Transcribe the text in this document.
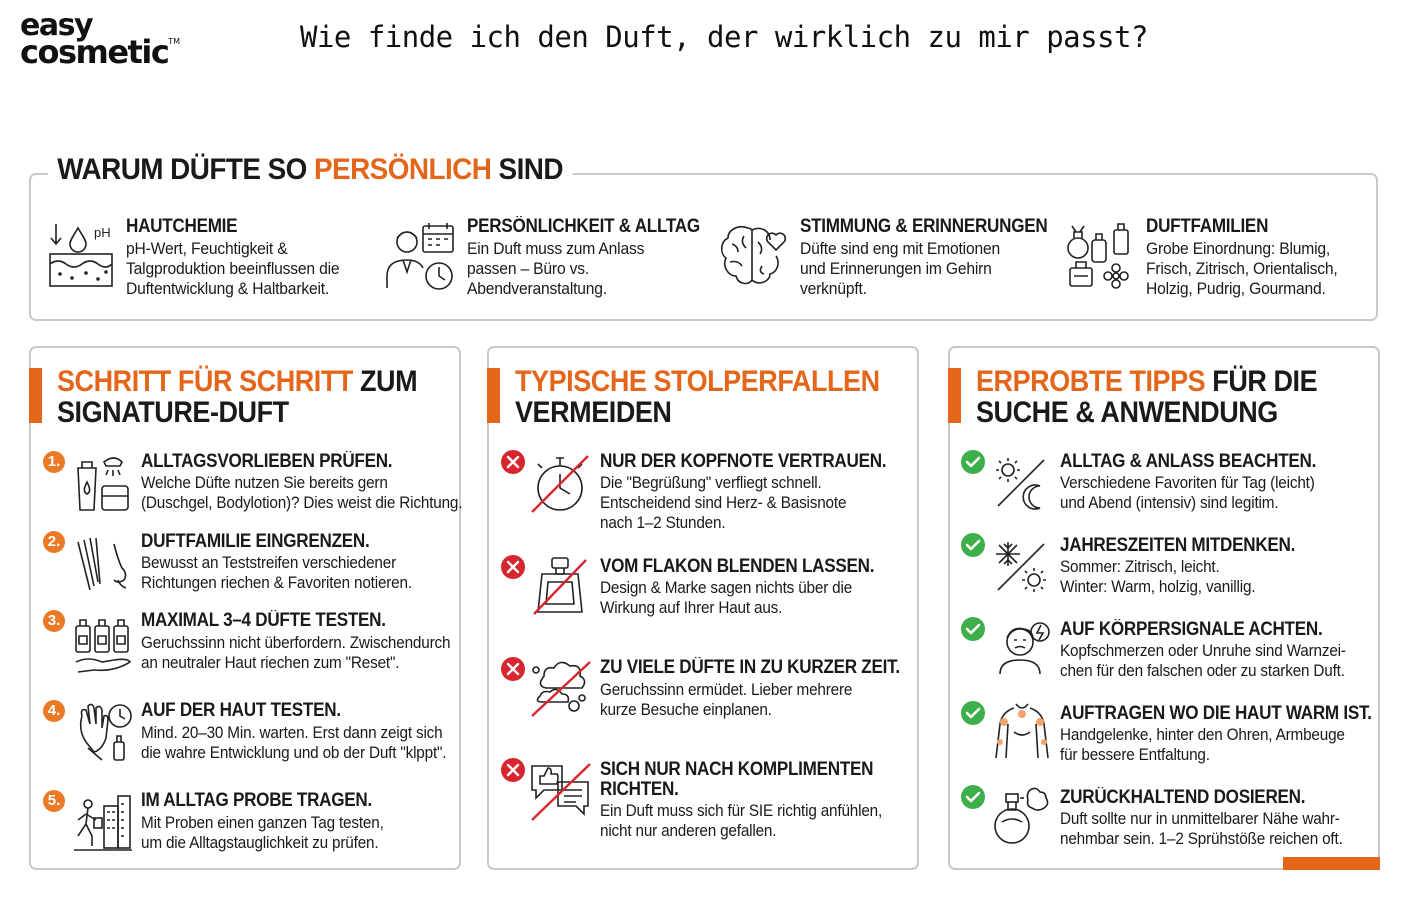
easy
cosmetic™	Wie finde ich den Duft, der wirklich zu mir passt?
WARUM DÜFTE SO PERSÖNLICH SIND
pH HAUTCHEMIE
pH-Wert, Feuchtigkeit & Talgproduktion beeinflussen die Duftentwicklung & Haltbarkeit.
PERSÖNLICHKEIT & ALLTAG
Ein Duft muss zum Anlass passen – Büro vs. Abendveranstaltung.
STIMMUNG & ERINNERUNGEN
Düfte sind eng mit Emotionen und Erinnerungen im Gehirn verknüpft.
DUFTFAMILIEN
Grobe Einordnung: Blumig, Frisch, Zitrisch, Orientalisch, Holzig, Pudrig, Gourmand.
SCHRITT FÜR SCHRITT ZUM
SIGNATURE-DUFT
1.	ALLTAGSVORLIEBEN PRÜFEN.
Welche Düfte nutzen Sie bereits gern
(Duschgel, Bodylotion)? Dies weist die Richtung.
2.	DUFTFAMILIE EINGRENZEN.
Bewusst an Teststreifen verschiedener
Richtungen riechen & Favoriten notieren.
3.	MAXIMAL 3–4 DÜFTE TESTEN.
Geruchssinn nicht überfordern. Zwischendurch
an neutraler Haut riechen zum "Reset".
4.	AUF DER HAUT TESTEN.
Mind. 20–30 Min. warten. Erst dann zeigt sich
die wahre Entwicklung und ob der Duft "klppt".
5.	IM ALLTAG PROBE TRAGEN.
Mit Proben einen ganzen Tag testen,
um die Alltagstauglichkeit zu prüfen.
TYPISCHE STOLPERFALLEN
VERMEIDEN
NUR DER KOPFNOTE VERTRAUEN.
Die "Begrüßung" verfliegt schnell.
Entscheidend sind Herz- & Basisnote
nach 1–2 Stunden.
VOM FLAKON BLENDEN LASSEN.
Design & Marke sagen nichts über die
Wirkung auf Ihrer Haut aus.
ZU VIELE DÜFTE IN ZU KURZER ZEIT.
Geruchssinn ermüdet. Lieber mehrere
kurze Besuche einplanen.
SICH NUR NACH KOMPLIMENTEN
RICHTEN.
Ein Duft muss sich für SIE richtig anfühlen,
nicht nur anderen gefallen.
ERPROBTE TIPPS FÜR DIE
SUCHE & ANWENDUNG
ALLTAG & ANLASS BEACHTEN.
Verschiedene Favoriten für Tag (leicht)
und Abend (intensiv) sind legitim.
JAHRESZEITEN MITDENKEN.
Sommer: Zitrisch, leicht.
Winter: Warm, holzig, vanillig.
AUF KÖRPERSIGNALE ACHTEN.
Kopfschmerzen oder Unruhe sind Warnzei-
chen für den falschen oder zu starken Duft.
AUFTRAGEN WO DIE HAUT WARM IST.
Handgelenke, hinter den Ohren, Armbeuge
für bessere Entfaltung.
ZURÜCKHALTEND DOSIEREN.
Duft sollte nur in unmittelbarer Nähe wahr-
nehmbar sein. 1–2 Sprühstöße reichen oft.
